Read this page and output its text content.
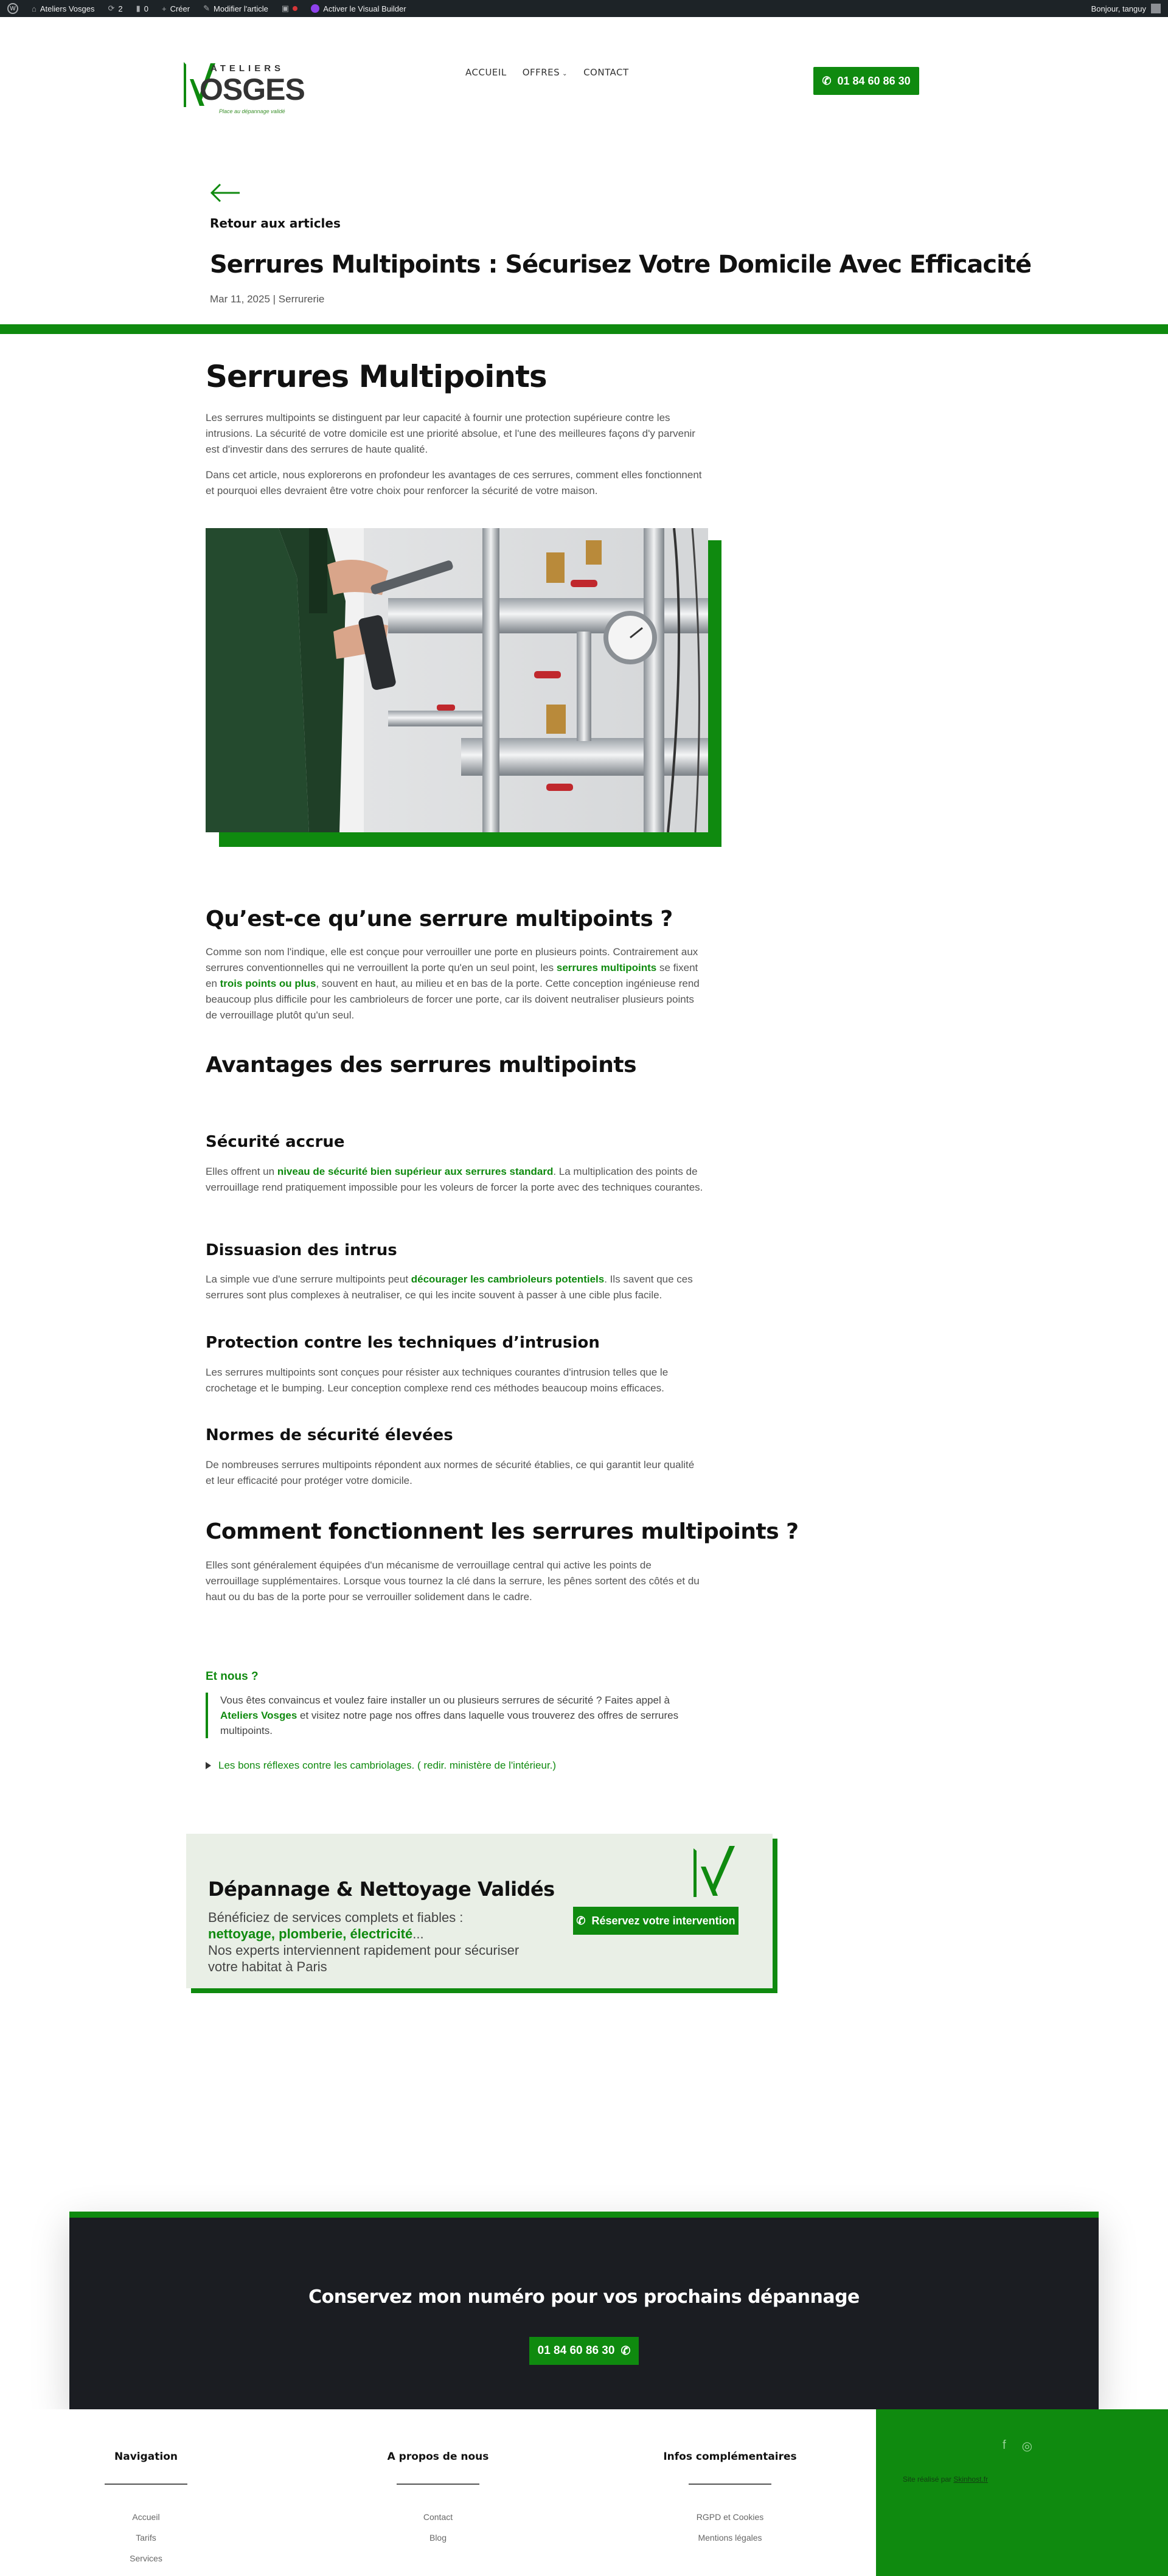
W	⌂ Ateliers Vosges ⟳ 2 ▮ 0 + Créer ✎ Modifier l'article ▣	Activer le Visual Builder	Bonjour, tanguy
ATELIERS
OSGES
Place au dépannage validé
ACCUEIL OFFRES ⌄ CONTACT
✆ 01 84 60 86 30
Retour aux articles
Serrures Multipoints : Sécurisez Votre Domicile Avec Efficacité
Mar 11, 2025 | Serrurerie
Serrures Multipoints

Les serrures multipoints se distinguent par leur capacité à fournir une protection supérieure contre les intrusions. La sécurité de votre domicile est une priorité absolue, et l'une des meilleures façons d'y parvenir est d'investir dans des serrures de haute qualité.

Dans cet article, nous explorerons en profondeur les avantages de ces serrures, comment elles fonctionnent et pourquoi elles devraient être votre choix pour renforcer la sécurité de votre maison.

Qu’est-ce qu’une serrure multipoints ?
Comme son nom l'indique, elle est conçue pour verrouiller une porte en plusieurs points. Contrairement aux serrures conventionnelles qui ne verrouillent la porte qu'en un seul point, les serrures multipoints se fixent en trois points ou plus, souvent en haut, au milieu et en bas de la porte. Cette conception ingénieuse rend beaucoup plus difficile pour les cambrioleurs de forcer une porte, car ils doivent neutraliser plusieurs points de verrouillage plutôt qu'un seul.
Avantages des serrures multipoints
Sécurité accrue
Elles offrent un niveau de sécurité bien supérieur aux serrures standard. La multiplication des points de verrouillage rend pratiquement impossible pour les voleurs de forcer la porte avec des techniques courantes.
Dissuasion des intrus
La simple vue d'une serrure multipoints peut décourager les cambrioleurs potentiels. Ils savent que ces serrures sont plus complexes à neutraliser, ce qui les incite souvent à passer à une cible plus facile.
Protection contre les techniques d’intrusion
Les serrures multipoints sont conçues pour résister aux techniques courantes d'intrusion telles que le crochetage et le bumping. Leur conception complexe rend ces méthodes beaucoup moins efficaces.
Normes de sécurité élevées
De nombreuses serrures multipoints répondent aux normes de sécurité établies, ce qui garantit leur qualité et leur efficacité pour protéger votre domicile.
Comment fonctionnent les serrures multipoints ?
Elles sont généralement équipées d'un mécanisme de verrouillage central qui active les points de verrouillage supplémentaires. Lorsque vous tournez la clé dans la serrure, les pênes sortent des côtés et du haut ou du bas de la porte pour se verrouiller solidement dans le cadre.
Et nous ?
Vous êtes convaincus et voulez faire installer un ou plusieurs serrures de sécurité ? Faites appel à Ateliers Vosges et visitez notre page nos offres dans laquelle vous trouverez des offres de serrures multipoints.
Les bons réflexes contre les cambriolages. ( redir. ministère de l'intérieur.)
Dépannage & Nettoyage Validés
Bénéficiez de services complets et fiables :
nettoyage, plomberie, électricité...
Nos experts interviennent rapidement pour sécuriser votre habitat à Paris
✆ Réservez votre intervention
Conservez mon numéro pour vos prochains dépannage
01 84 60 86 30 ✆
Navigation
Accueil
Tarifs
Services
A propos de nous
Contact
Blog
Infos complémentaires
RGPD et Cookies
Mentions légales
f ◎
Site réalisé par Skinhost.fr
